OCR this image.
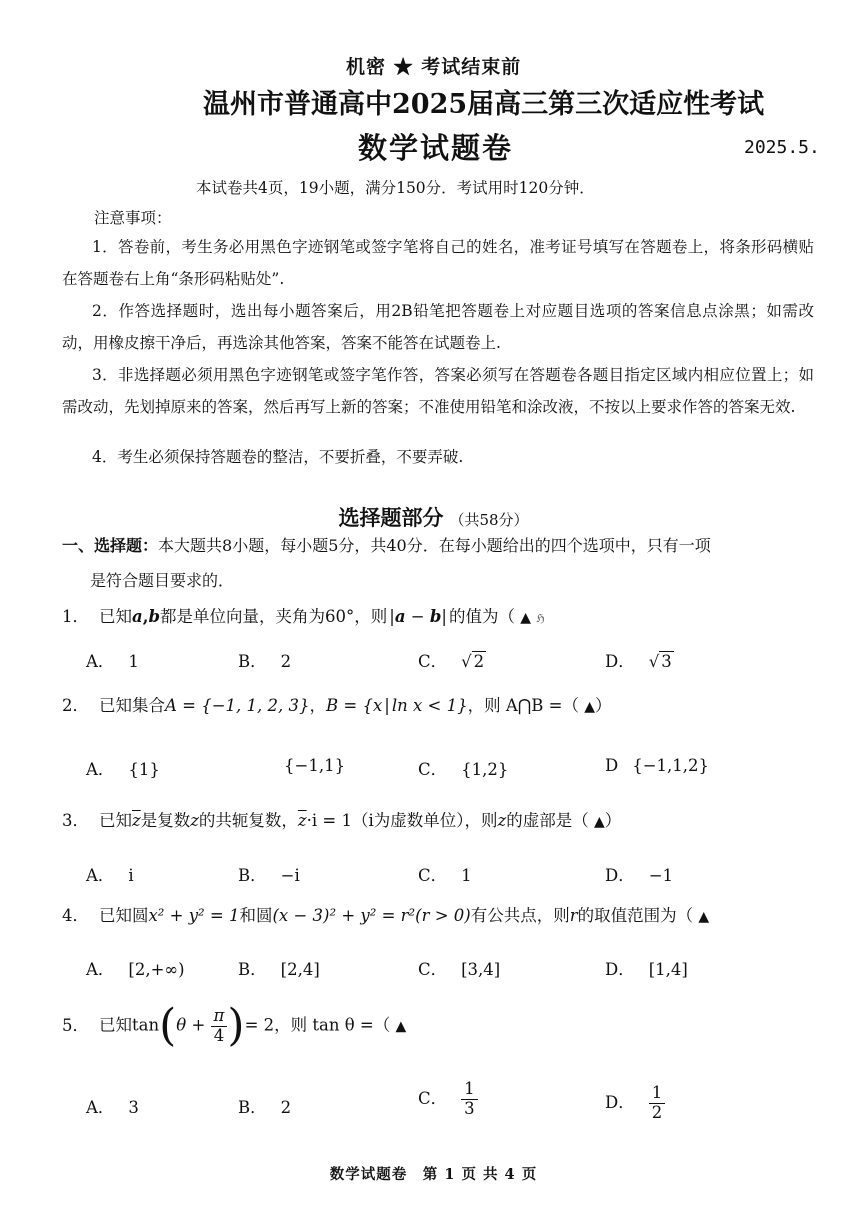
机密 ★ 考试结束前
温州市普通高中2025届高三第三次适应性考试
数学试题卷	2025.5.
本试卷共4页，19小题，满分150分．考试用时120分钟．
注意事项：
1．答卷前，考生务必用黑色字迹钢笔或签字笔将自己的姓名，准考证号填写在答题卷上，将条形码横贴在答题卷右上角“条形码粘贴处”.
2．作答选择题时，选出每小题答案后，用2B铅笔把答题卷上对应题目选项的答案信息点涂黑；如需改动，用橡皮擦干净后，再选涂其他答案，答案不能答在试题卷上.
3．非选择题必须用黑色字迹钢笔或签字笔作答，答案必须写在答题卷各题目指定区域内相应位置上；如需改动，先划掉原来的答案，然后再写上新的答案；不准使用铅笔和涂改液，不按以上要求作答的答案无效.
4．考生必须保持答题卷的整洁，不要折叠，不要弄破.
选择题部分 （共58分）
一、选择题：本大题共8小题，每小题5分，共40分．在每小题给出的四个选项中，只有一项
是符合题目要求的．
1． 已知a,b都是单位向量，夹角为60°，则 |a − b| 的值为（ ▲ ℌ
A． 1	B． 2	C． √ 2	D． √ 3
2． 已知集合A = {−1, 1, 2, 3}，B = {x | ln x < 1}，则 A⋂B =（ ▲）
A． {1}	{−1,1}	C． {1,2}	D {−1,1,2}
3． 已知$\overline{z}$是复数z的共轭复数，$\overline{z}\cdot i = 1(i$为虚数单位），则z的虚部是（ ▲）
A． i	B． −i	C． 1	D． −1
4． 已知圆x² + y² = 1和圆(x − 3)² + y² = r²(r > 0)有公共点，则r的取值范围为（ ▲
A． [2,+∞)	B． [2,4]	C． [3,4]	D． [1,4]
5． 已知$\tan(\theta + \frac{\pi}{4}$ )= 2，则 tan θ =（ ▲
A． 3	B． 2	C． $\frac{1}{3}$	D． $\frac{1}{2}$
数学试题卷　第 1 页 共 4 页
